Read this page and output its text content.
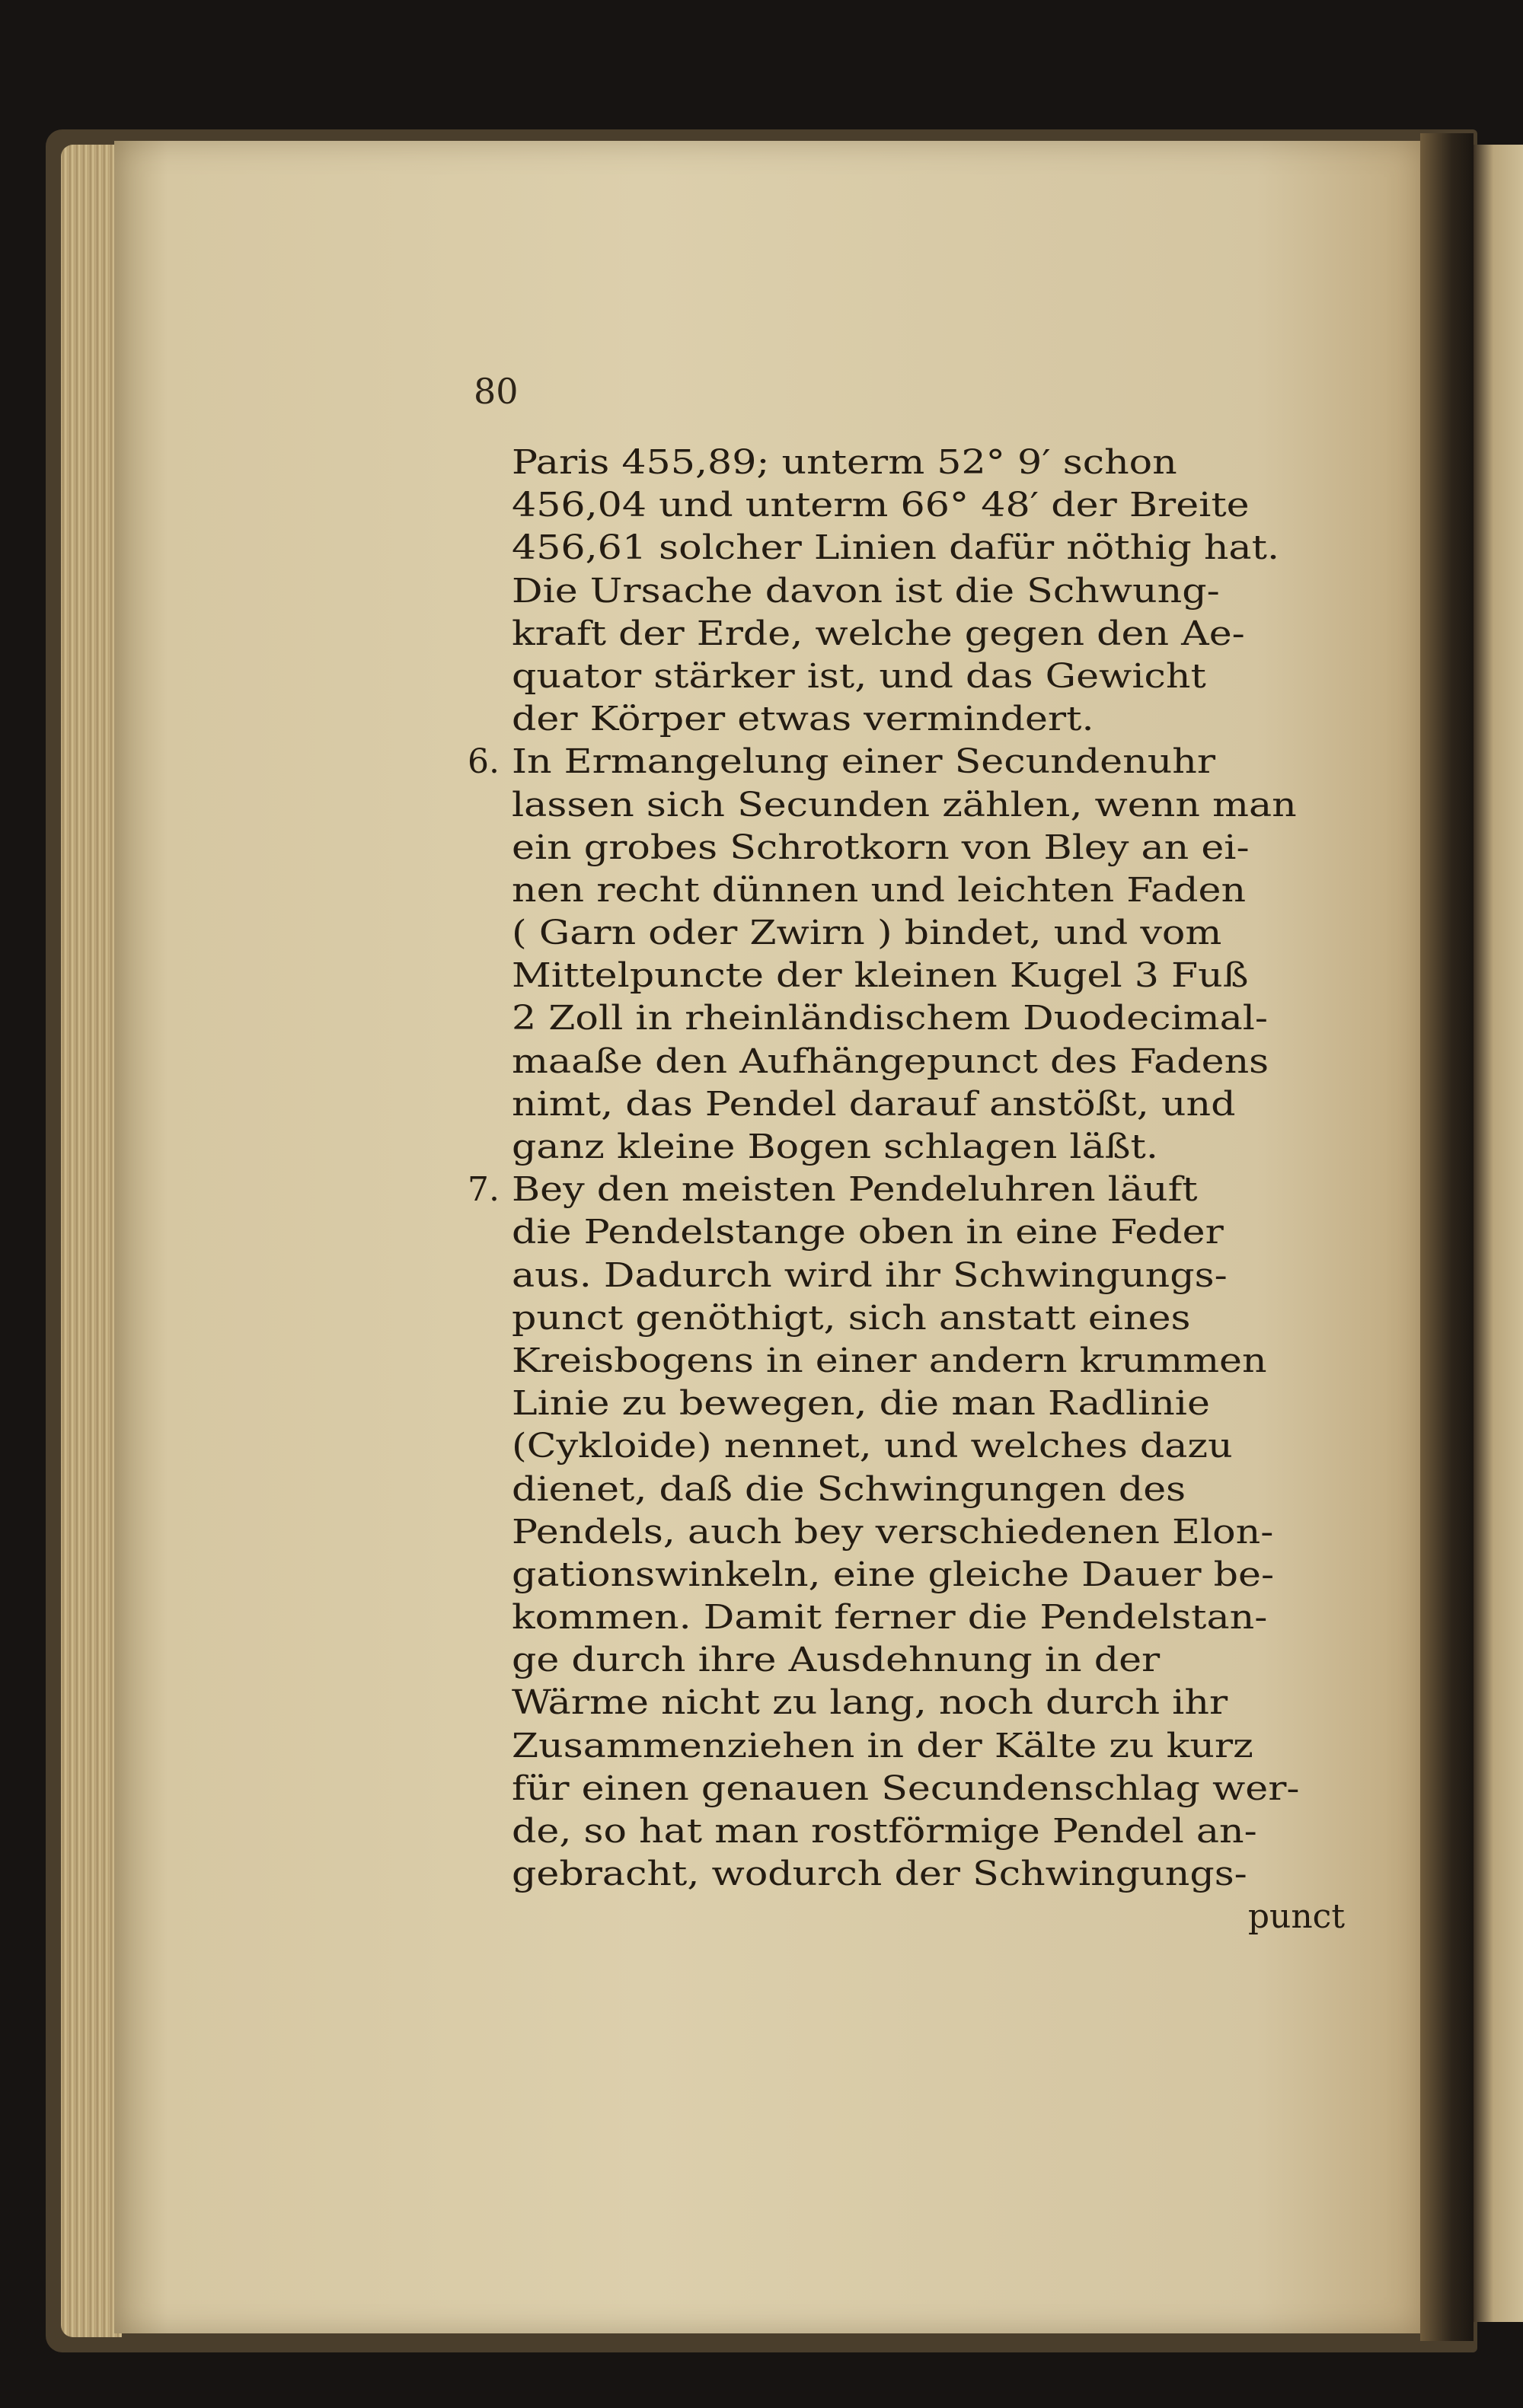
80

Paris 455,89; unterm 52° 9′ schon
456,04 und unterm 66° 48′ der Breite
456,61 solcher Linien dafür nöthig hat.
Die Ursache davon ist die Schwung-
kraft der Erde, welche gegen den Ae-
quator stärker ist, und das Gewicht
der Körper etwas vermindert.
6. In Ermangelung einer Secundenuhr
lassen sich Secunden zählen, wenn man
ein grobes Schrotkorn von Bley an ei-
nen recht dünnen und leichten Faden
( Garn oder Zwirn ) bindet, und vom
Mittelpuncte der kleinen Kugel 3 Fuß
2 Zoll in rheinländischem Duodecimal-
maaße den Aufhängepunct des Fadens
nimt, das Pendel darauf anstößt, und
ganz kleine Bogen schlagen läßt.
7. Bey den meisten Pendeluhren läuft
die Pendelstange oben in eine Feder
aus. Dadurch wird ihr Schwingungs-
punct genöthigt, sich anstatt eines
Kreisbogens in einer andern krummen
Linie zu bewegen, die man Radlinie
(Cykloide) nennet, und welches dazu
dienet, daß die Schwingungen des
Pendels, auch bey verschiedenen Elon-
gationswinkeln, eine gleiche Dauer be-
kommen. Damit ferner die Pendelstan-
ge durch ihre Ausdehnung in der
Wärme nicht zu lang, noch durch ihr
Zusammenziehen in der Kälte zu kurz
für einen genauen Secundenschlag wer-
de, so hat man rostförmige Pendel an-
gebracht, wodurch der Schwingungs-
punct
